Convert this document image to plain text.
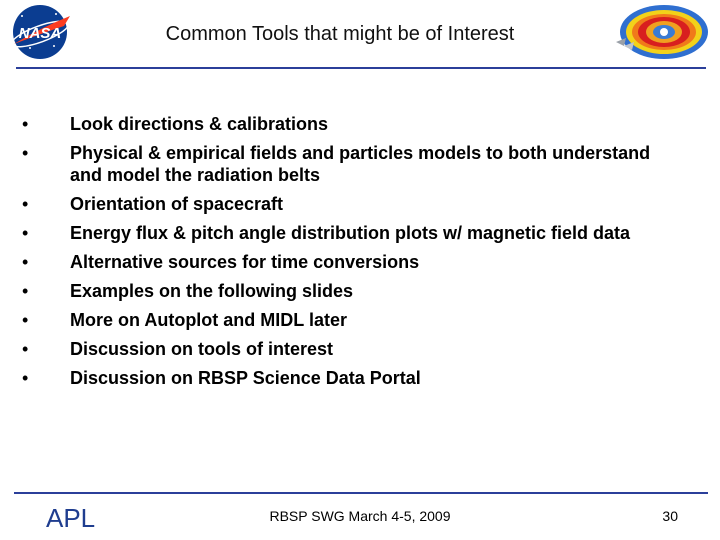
NASA	Common Tools that might be of Interest
•	Look directions & calibrations
•	Physical & empirical fields and particles models to both understand and model the radiation belts
•	Orientation of spacecraft
•	Energy flux & pitch angle distribution plots w/ magnetic field data
•	Alternative sources for time conversions
•	Examples on the following slides
•	More on Autoplot and MIDL later
•	Discussion on tools of interest
•	Discussion on RBSP Science Data Portal
APL	RBSP SWG March 4-5, 2009	30
